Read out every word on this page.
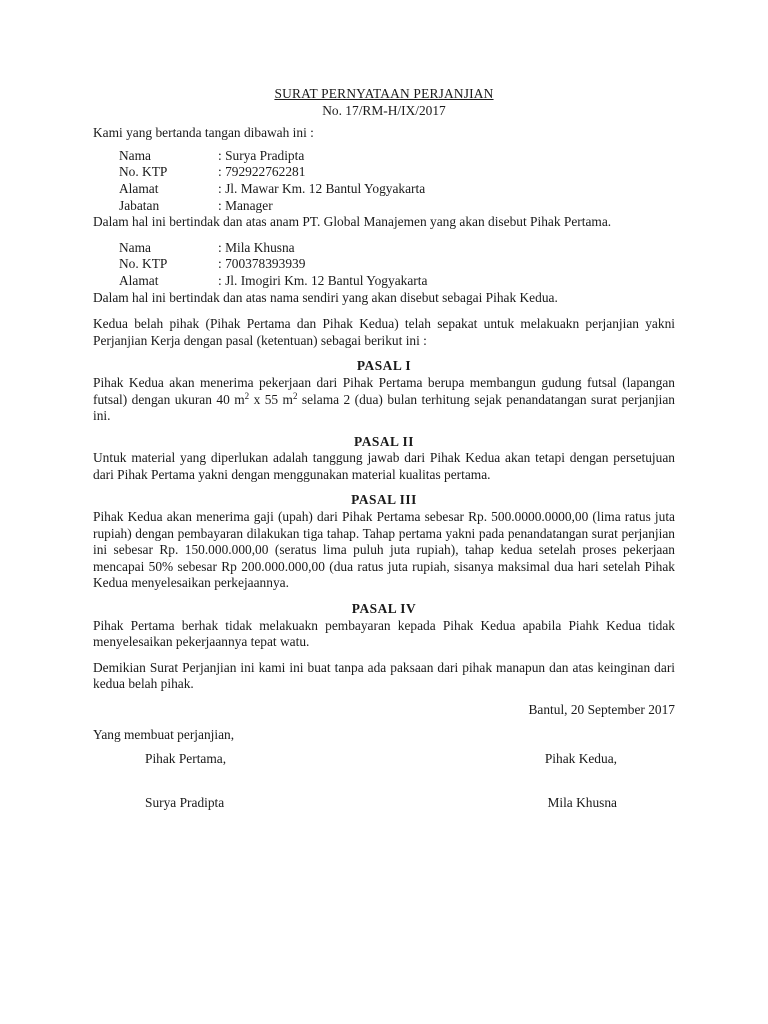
SURAT PERNYATAAN PERJANJIAN
No. 17/RM-H/IX/2017

Kami yang bertanda tangan dibawah ini :

Nama	: Surya Pradipta
No. KTP	: 792922762281
Alamat	: Jl. Mawar Km. 12 Bantul Yogyakarta
Jabatan	: Manager

Dalam hal ini bertindak dan atas anam PT. Global Manajemen yang akan disebut Pihak Pertama.

Nama	: Mila Khusna
No. KTP	: 700378393939
Alamat	: Jl. Imogiri Km. 12 Bantul Yogyakarta

Dalam hal ini bertindak dan atas nama sendiri yang akan disebut sebagai Pihak Kedua.

Kedua belah pihak (Pihak Pertama dan Pihak Kedua) telah sepakat untuk melakuakn perjanjian yakni Perjanjian Kerja dengan pasal (ketentuan) sebagai berikut ini :

PASAL I

Pihak Kedua akan menerima pekerjaan dari Pihak Pertama berupa membangun gudung futsal (lapangan futsal) dengan ukuran 40 $m^2$ x 55 $m^2$ selama 2 (dua) bulan terhitung sejak penandatangan surat perjanjian ini.

PASAL II

Untuk material yang diperlukan adalah tanggung jawab dari Pihak Kedua akan tetapi dengan persetujuan dari Pihak Pertama yakni dengan menggunakan material kualitas pertama.

PASAL III

Pihak Kedua akan menerima gaji (upah) dari Pihak Pertama sebesar Rp. 500.0000.0000,00 (lima ratus juta rupiah) dengan pembayaran dilakukan tiga tahap. Tahap pertama yakni pada penandatangan surat perjanjian ini sebesar Rp. 150.000.000,00 (seratus lima puluh juta rupiah), tahap kedua setelah proses pekerjaan mencapai 50% sebesar Rp 200.000.000,00 (dua ratus juta rupiah, sisanya maksimal dua hari setelah Pihak Kedua menyelesaikan perkejaannya.

PASAL IV

Pihak Pertama berhak tidak melakuakn pembayaran kepada Pihak Kedua apabila Piahk Kedua tidak menyelesaikan pekerjaannya tepat watu.

Demikian Surat Perjanjian ini kami ini buat tanpa ada paksaan dari pihak manapun dan atas keinginan dari kedua belah pihak.

Bantul, 20 September 2017

Yang membuat perjanjian,

Pihak Pertama,	Pihak Kedua,
Surya Pradipta	Mila Khusna
